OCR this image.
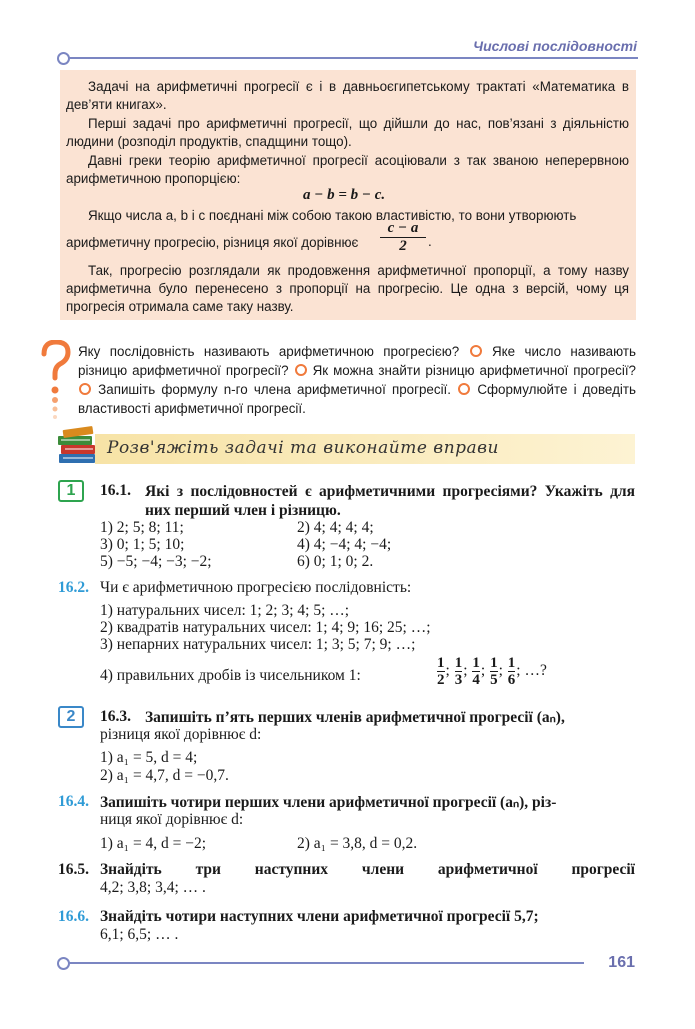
Числові послідовності

Задачі на арифметичні прогресії є і в давньоєгипетському трактаті «Математика в дев’яти книгах».

Перші задачі про арифметичні прогресії, що дійшли до нас, пов’язані з діяльністю людини (розподіл продуктів, спадщини тощо).

Давні греки теорію арифметичної прогресії асоціювали з так званою неперервною арифметичною пропорцією:

a − b = b − c.

Якщо числа a, b і c поєднані між собою такою властивістю, то вони утворюють

арифметичну прогресію, різниця якої дорівнює	$\frac{c - a}{2}$ .

Так, прогресію розглядали як продовження арифметичної пропорції, а тому назву арифметична було перенесено з пропорції на прогресію. Це одна з версій, чому ця прогресія отримала саме таку назву.

Яку послідовність називають арифметичною прогресією? Яке число називають різницю арифметичної прогресії? Як можна знайти різницю арифметичної прогресії?  Запишіть формулу n-го члена арифметичної прогресії. Сформулюйте і доведіть властивості арифметичної прогресії.
Розв'яжіть задачі та виконайте вправи
1	16.1. Які з послідовностей є арифметичними прогресіями? Укажіть для них перший член і різницю.
1) 2; 5; 8; 11;	2) 4; 4; 4; 4;
3) 0; 1; 5; 10;	4) 4; −4; 4; −4;
5) −5; −4; −3; −2;	6) 0; 1; 0; 2.
16.2. Чи є арифметичною прогресією послідовність:
1) натуральних чисел: 1; 2; 3; 4; 5; …;
2) квадратів натуральних чисел: 1; 4; 9; 16; 25; …;
3) непарних натуральних чисел: 1; 3; 5; 7; 9; …;
4) правильних дробів із чисельником 1:	$\frac{1}{2}$ ; $\frac{1}{3}$ ; $\frac{1}{4}$ ; $\frac{1}{5}$ ; $\frac{1}{6}$ ; …?
2	16.3. Запишіть п’ять перших членів арифметичної прогресії (aₙ),
різниця якої дорівнює d:
1) a₁ = 5, d = 4;
2) a₁ = 4,7, d = −0,7.
16.4. Запишіть чотири перших члени арифметичної прогресії (aₙ), різ-
ниця якої дорівнює d:
1) a₁ = 4, d = −2;	2) a₁ = 3,8, d = 0,2.
16.5. Знайдіть три наступних члени арифметичної прогресії
4,2; 3,8; 3,4; … .
16.6. Знайдіть чотири наступних члени арифметичної прогресії 5,7;
6,1; 6,5; … .
161
